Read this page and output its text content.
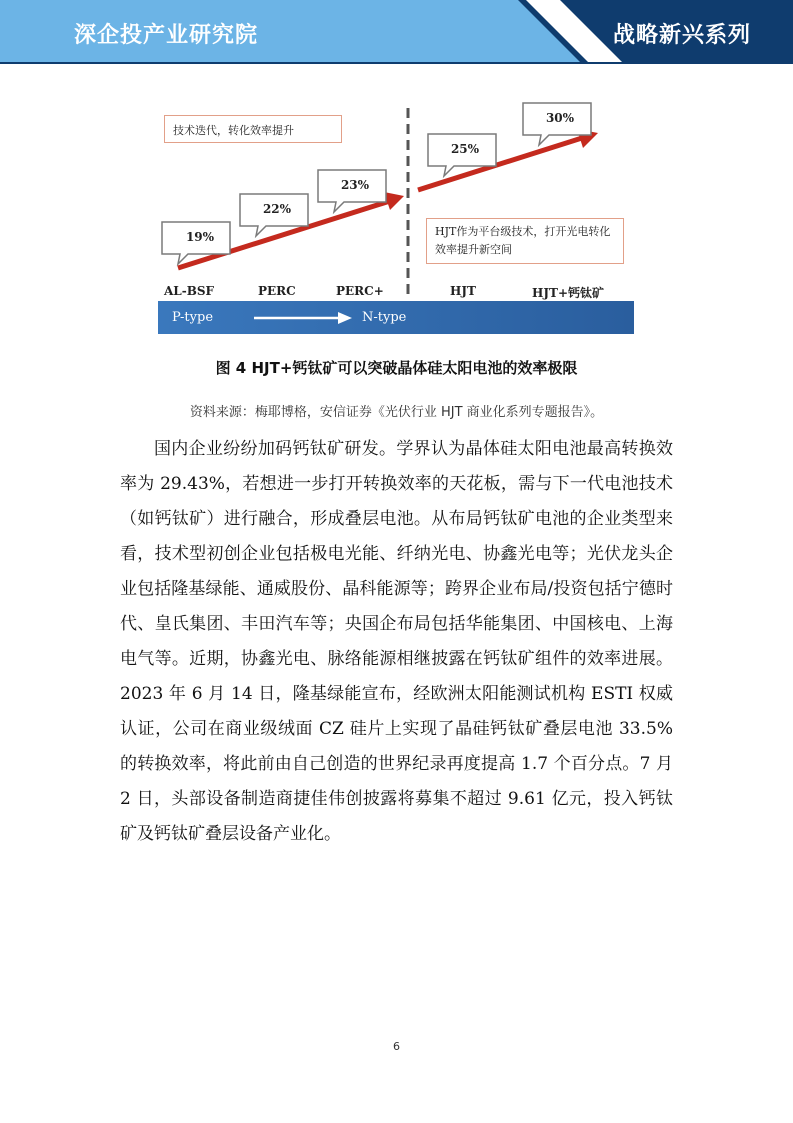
深企投产业研究院	战略新兴系列
19%
22%
23%
25%
30%
技术迭代，转化效率提升
HJT作为平台级技术，打开光电转化效率提升新空间
AL-BSF	PERC	PERC+	HJT	HJT+钙钛矿
P-type	N-type
图 4 HJT+钙钛矿可以突破晶体硅太阳电池的效率极限
资料来源：梅耶博格，安信证券《光伏行业 HJT 商业化系列专题报告》。

国内企业纷纷加码钙钛矿研发。学界认为晶体硅太阳电池最高转换效率为 29.43%，若想进一步打开转换效率的天花板，需与下一代电池技术（如钙钛矿）进行融合，形成叠层电池。从布局钙钛矿电池的企业类型来看，技术型初创企业包括极电光能、纤纳光电、协鑫光电等；光伏龙头企业包括隆基绿能、通威股份、晶科能源等；跨界企业布局/投资包括宁德时代、皇氏集团、丰田汽车等；央国企布局包括华能集团、中国核电、上海电气等。近期，协鑫光电、脉络能源相继披露在钙钛矿组件的效率进展。2023 年 6 月 14 日，隆基绿能宣布，经欧洲太阳能测试机构 ESTI 权威认证，公司在商业级绒面 CZ 硅片上实现了晶硅钙钛矿叠层电池 33.5%的转换效率，将此前由自己创造的世界纪录再度提高 1.7 个百分点。7 月 2 日，头部设备制造商捷佳伟创披露将募集不超过 9.61 亿元，投入钙钛矿及钙钛矿叠层设备产业化。

6
